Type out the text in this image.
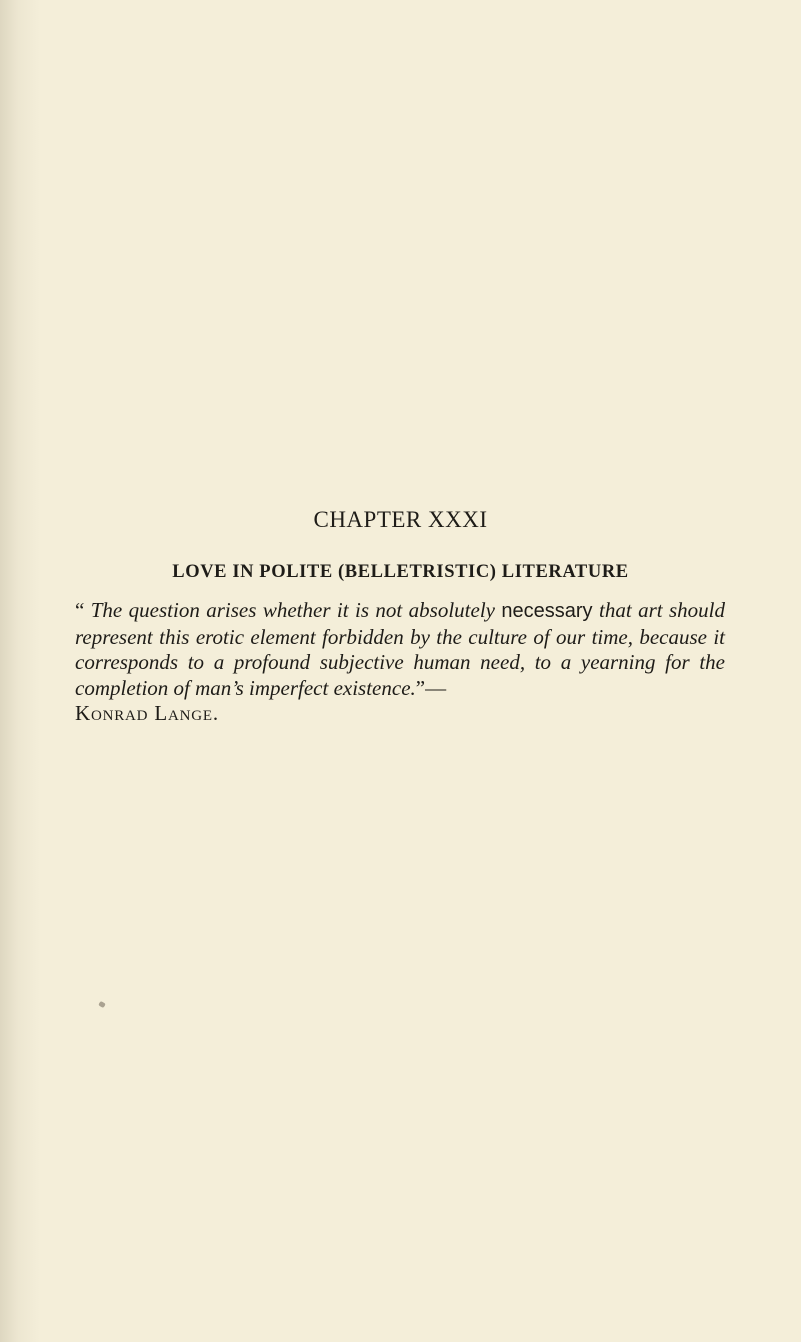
CHAPTER XXXI
LOVE IN POLITE (BELLETRISTIC) LITERATURE
“ The question arises whether it is not absolutely necessary that art should represent this erotic element forbidden by the culture of our time, because it corresponds to a profound subjective human need, to a yearning for the completion of man’s imperfect existence.”—
Konrad Lange.
